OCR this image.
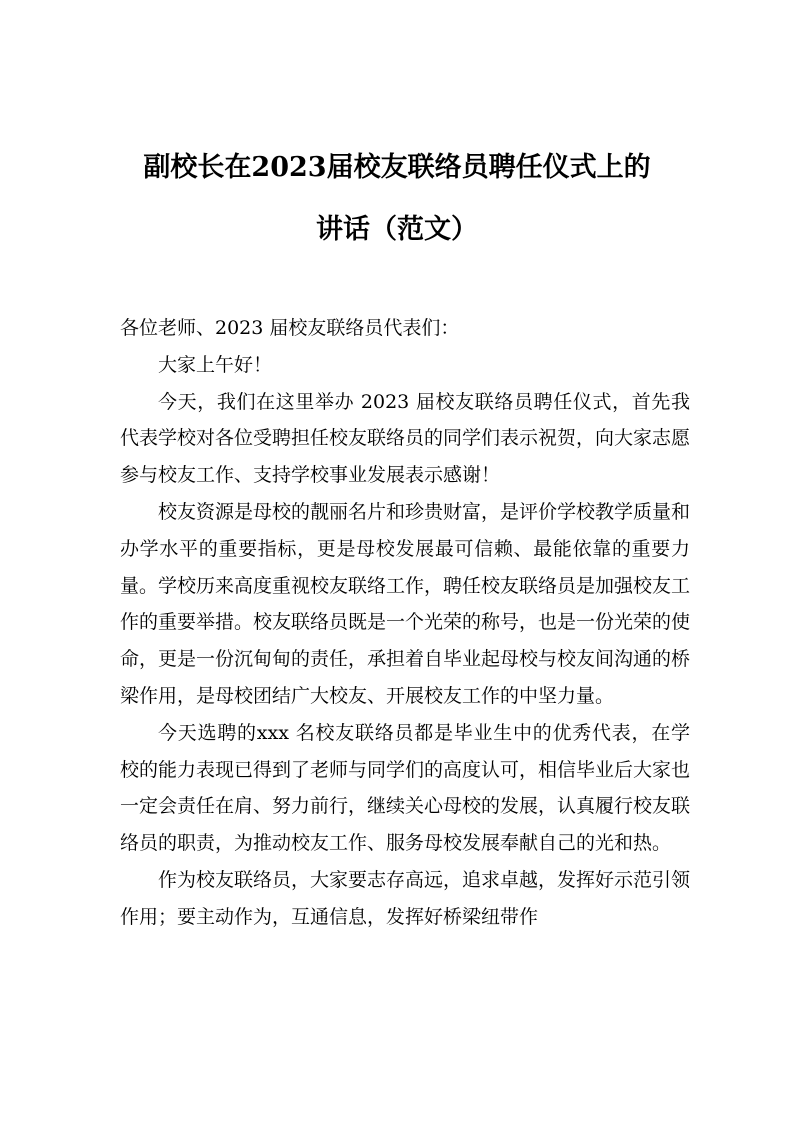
副校长在2023届校友联络员聘任仪式上的
讲话（范文）

各位老师、2023 届校友联络员代表们：

大家上午好！

今天，我们在这里举办 2023 届校友联络员聘任仪式，首先我代表学校对各位受聘担任校友联络员的同学们表示祝贺，向大家志愿参与校友工作、支持学校事业发展表示感谢！

校友资源是母校的靓丽名片和珍贵财富，是评价学校教学质量和办学水平的重要指标，更是母校发展最可信赖、最能依靠的重要力量。学校历来高度重视校友联络工作，聘任校友联络员是加强校友工作的重要举措。校友联络员既是一个光荣的称号，也是一份光荣的使命，更是一份沉甸甸的责任，承担着自毕业起母校与校友间沟通的桥梁作用，是母校团结广大校友、开展校友工作的中坚力量。

今天选聘的xxx 名校友联络员都是毕业生中的优秀代表，在学校的能力表现已得到了老师与同学们的高度认可，相信毕业后大家也一定会责任在肩、努力前行，继续关心母校的发展，认真履行校友联络员的职责，为推动校友工作、服务母校发展奉献自己的光和热。

作为校友联络员，大家要志存高远，追求卓越，发挥好示范引领作用；要主动作为，互通信息，发挥好桥梁纽带作
